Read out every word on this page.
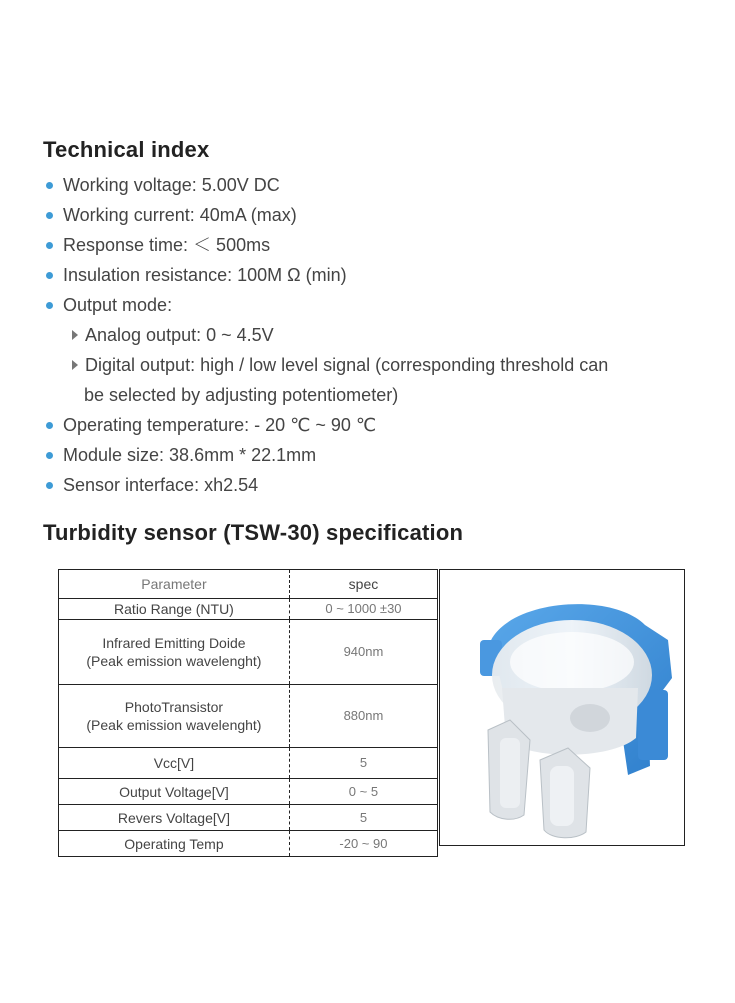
Technical index
Working voltage: 5.00V DC
Working current: 40mA (max)
Response time: ＜ 500ms
Insulation resistance: 100M Ω (min)
Output mode:
Analog output: 0 ~ 4.5V
Digital output: high / low level signal (corresponding threshold can
be selected by adjusting potentiometer)
Operating temperature: - 20 ℃ ~ 90 ℃
Module size: 38.6mm * 22.1mm
Sensor interface: xh2.54
Turbidity sensor (TSW-30) specification
Parameter	spec
Ratio Range (NTU)	0 ~ 1000 ±30

Infrared Emitting Doide
(Peak emission wavelenght)	940nm

PhotoTransistor
(Peak emission wavelenght)	880nm
Vcc[V]	5
Output Voltage[V]	0 ~ 5
Revers Voltage[V]	5
Operating Temp	-20 ~ 90
